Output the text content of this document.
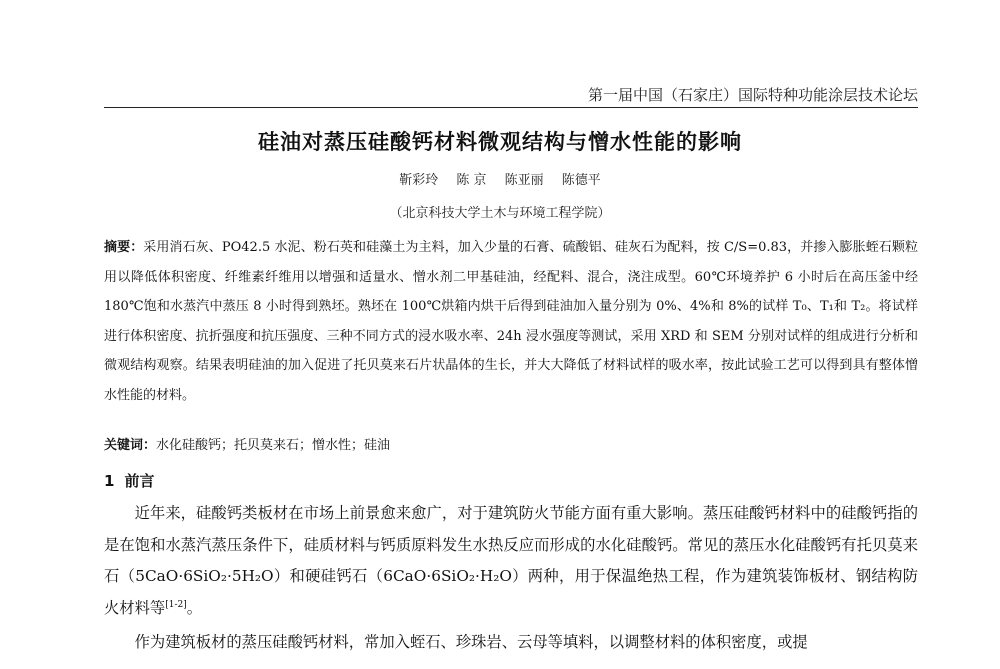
第一届中国（石家庄）国际特种功能涂层技术论坛
硅油对蒸压硅酸钙材料微观结构与憎水性能的影响
靳彩玲 陈 京 陈亚丽 陈德平
（北京科技大学土木与环境工程学院）
摘要：采用消石灰、PO42.5 水泥、粉石英和硅藻土为主料，加入少量的石膏、硫酸铝、硅灰石为配料，按 C/S=0.83，并掺入膨胀蛭石颗粒用以降低体积密度、纤维素纤维用以增强和适量水、憎水剂二甲基硅油，经配料、混合，浇注成型。60℃环境养护 6 小时后在高压釜中经 180℃饱和水蒸汽中蒸压 8 小时得到熟坯。熟坯在 100℃烘箱内烘干后得到硅油加入量分别为 0%、4%和 8%的试样 T₀、T₁和 T₂。将试样进行体积密度、抗折强度和抗压强度、三种不同方式的浸水吸水率、24h 浸水强度等测试，采用 XRD 和 SEM 分别对试样的组成进行分析和微观结构观察。结果表明硅油的加入促进了托贝莫来石片状晶体的生长，并大大降低了材料试样的吸水率，按此试验工艺可以得到具有整体憎水性能的材料。
关键词：水化硅酸钙；托贝莫来石；憎水性；硅油
1 前言

近年来，硅酸钙类板材在市场上前景愈来愈广，对于建筑防火节能方面有重大影响。蒸压硅酸钙材料中的硅酸钙指的是在饱和水蒸汽蒸压条件下，硅质材料与钙质原料发生水热反应而形成的水化硅酸钙。常见的蒸压水化硅酸钙有托贝莫来石（5CaO·6SiO₂·5H₂O）和硬硅钙石（6CaO·6SiO₂·H₂O）两种，用于保温绝热工程，作为建筑装饰板材、钢结构防火材料等[1-2]。

作为建筑板材的蒸压硅酸钙材料，常加入蛭石、珍珠岩、云母等填料，以调整材料的体积密度，或提
